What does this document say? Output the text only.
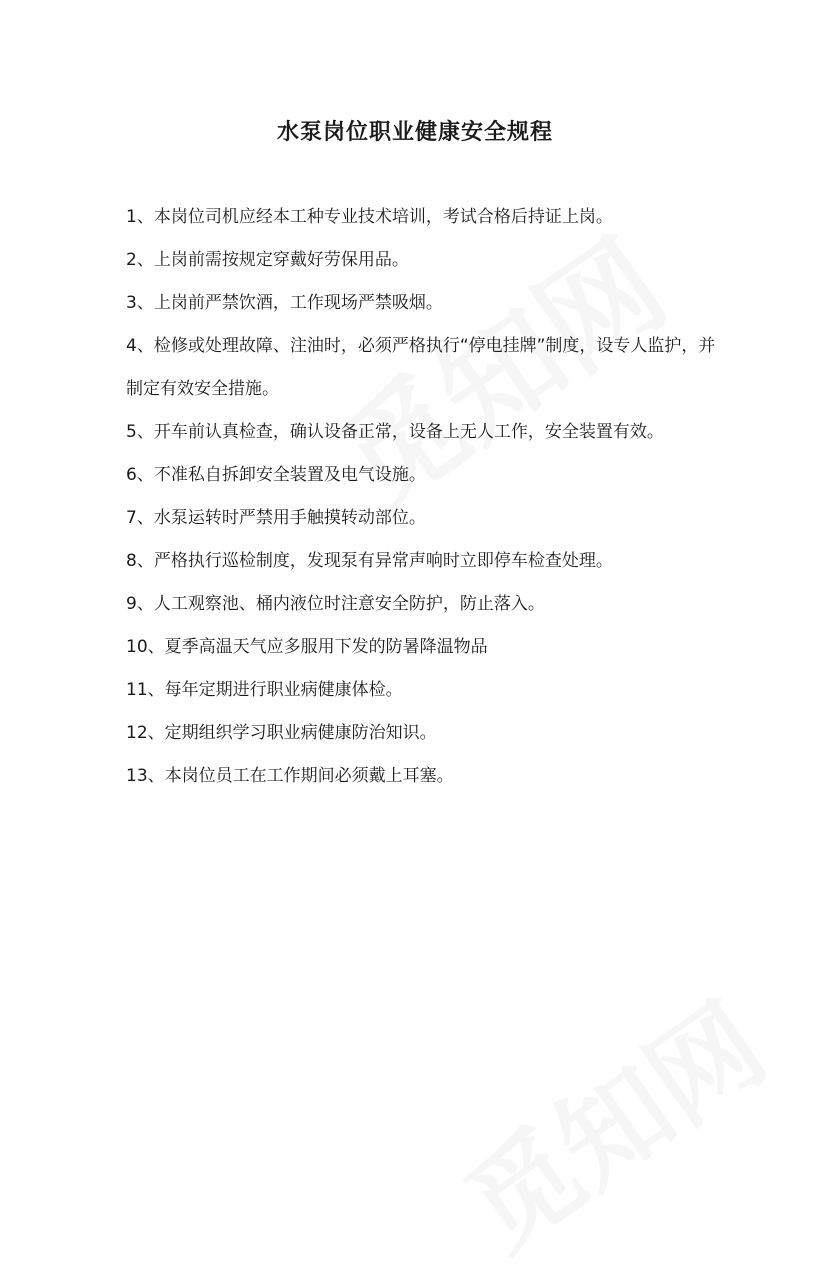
水泵岗位职业健康安全规程
1、本岗位司机应经本工种专业技术培训，考试合格后持证上岗。
2、上岗前需按规定穿戴好劳保用品。
3、上岗前严禁饮酒，工作现场严禁吸烟。
4、检修或处理故障、注油时，必须严格执行“停电挂牌”制度，设专人监护，并制定有效安全措施。
5、开车前认真检查，确认设备正常，设备上无人工作，安全装置有效。
6、不准私自拆卸安全装置及电气设施。
7、水泵运转时严禁用手触摸转动部位。
8、严格执行巡检制度，发现泵有异常声响时立即停车检查处理。
9、人工观察池、桶内液位时注意安全防护，防止落入。
10、夏季高温天气应多服用下发的防暑降温物品
11、每年定期进行职业病健康体检。
12、定期组织学习职业病健康防治知识。
13、本岗位员工在工作期间必须戴上耳塞。
